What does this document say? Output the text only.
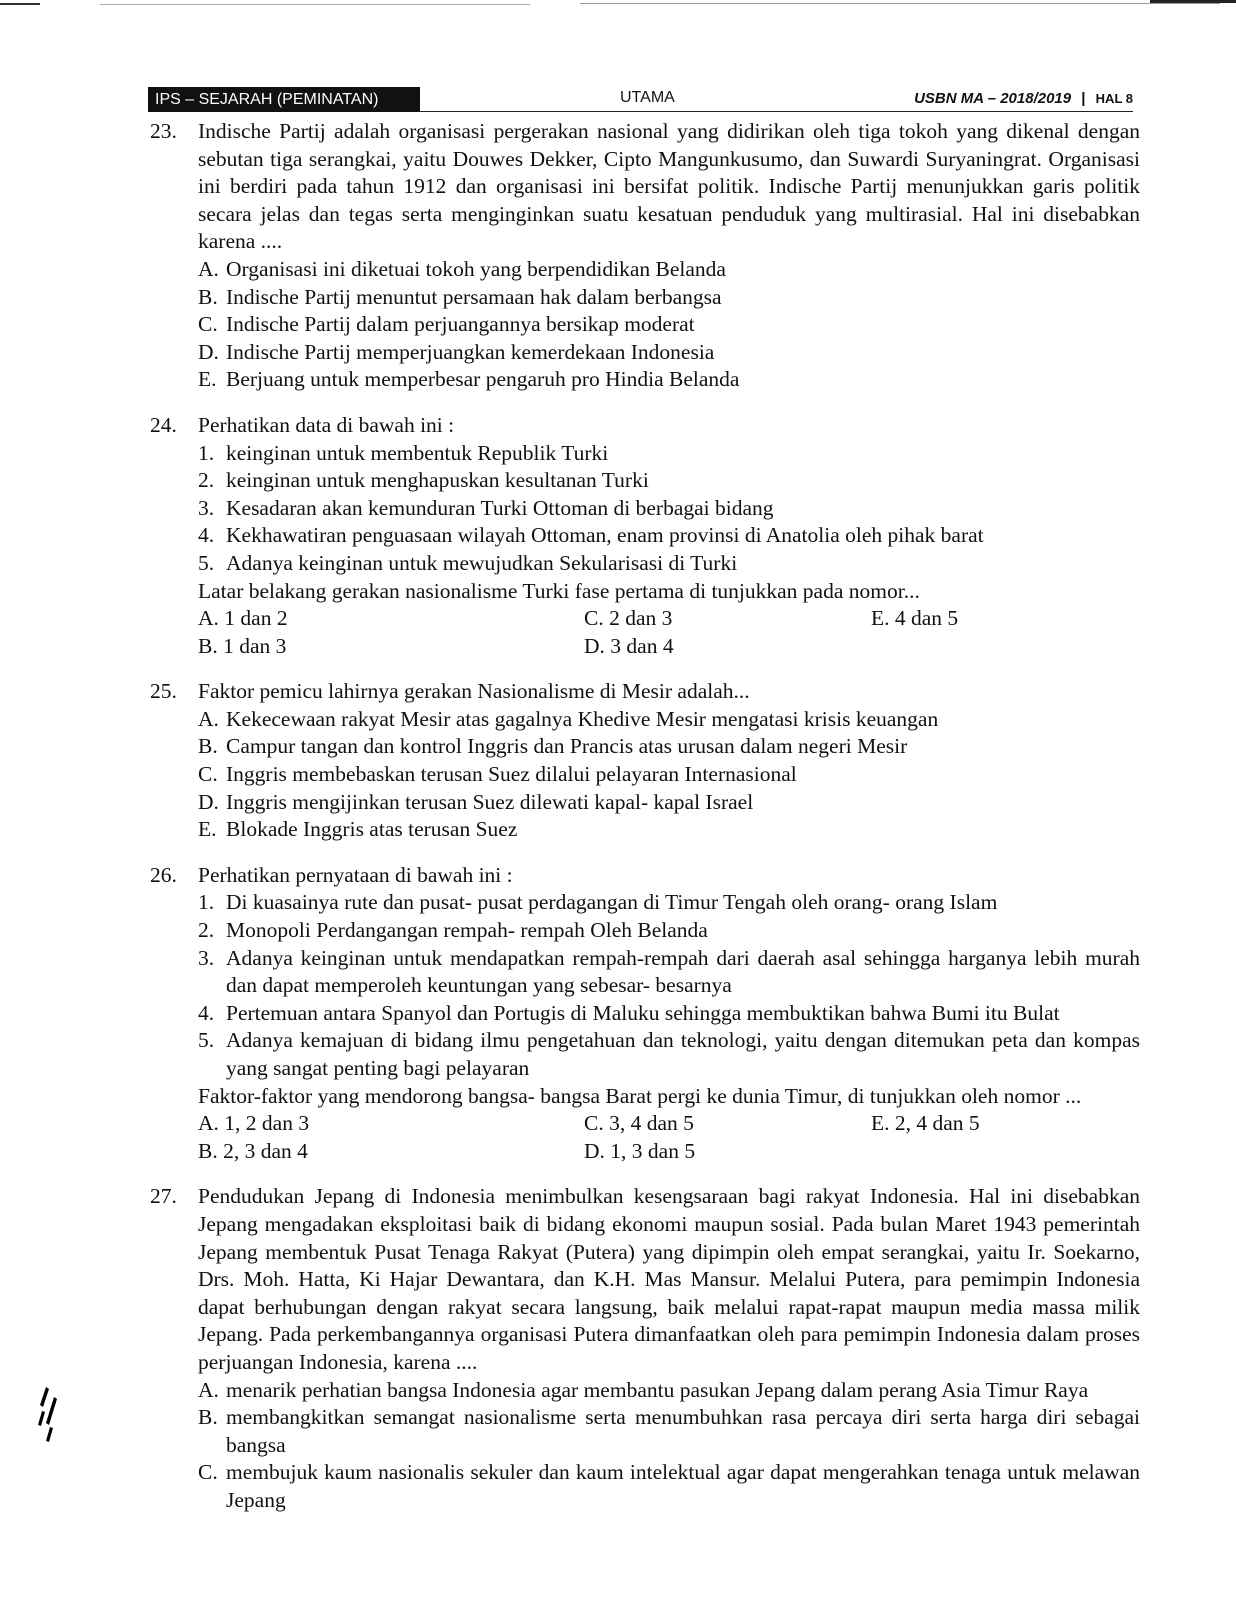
IPS – SEJARAH (PEMINATAN)	UTAMA	USBN MA – 2018/2019 | HAL 8
23. Indische Partij adalah organisasi pergerakan nasional yang didirikan oleh tiga tokoh yang dikenal dengan sebutan tiga serangkai, yaitu Douwes Dekker, Cipto Mangunkusumo, dan Suwardi Suryaningrat. Organisasi ini berdiri pada tahun 1912 dan organisasi ini bersifat politik. Indische Partij menunjukkan garis politik secara jelas dan tegas serta menginginkan suatu kesatuan penduduk yang multirasial. Hal ini disebabkan karena ....
A. Organisasi ini diketuai tokoh yang berpendidikan Belanda
B. Indische Partij menuntut persamaan hak dalam berbangsa
C. Indische Partij dalam perjuangannya bersikap moderat
D. Indische Partij memperjuangkan kemerdekaan Indonesia
E. Berjuang untuk memperbesar pengaruh pro Hindia Belanda
24. Perhatikan data di bawah ini :
1. keinginan untuk membentuk Republik Turki
2. keinginan untuk menghapuskan kesultanan Turki
3. Kesadaran akan kemunduran Turki Ottoman di berbagai bidang
4. Kekhawatiran penguasaan wilayah Ottoman, enam provinsi di Anatolia oleh pihak barat
5. Adanya keinginan untuk mewujudkan Sekularisasi di Turki
Latar belakang gerakan nasionalisme Turki fase pertama di tunjukkan pada nomor...
A. 1 dan 2	C. 2 dan 3	E. 4 dan 5
B. 1 dan 3	D. 3 dan 4
25. Faktor pemicu lahirnya gerakan Nasionalisme di Mesir adalah...
A. Kekecewaan rakyat Mesir atas gagalnya Khedive Mesir mengatasi krisis keuangan
B. Campur tangan dan kontrol Inggris dan Prancis atas urusan dalam negeri Mesir
C. Inggris membebaskan terusan Suez dilalui pelayaran Internasional
D. Inggris mengijinkan terusan Suez dilewati kapal- kapal Israel
E. Blokade Inggris atas terusan Suez
26. Perhatikan pernyataan di bawah ini :
1. Di kuasainya rute dan pusat- pusat perdagangan di Timur Tengah oleh orang- orang Islam
2. Monopoli Perdangangan rempah- rempah Oleh Belanda
3. Adanya keinginan untuk mendapatkan rempah-rempah dari daerah asal sehingga harganya lebih murah dan dapat memperoleh keuntungan yang sebesar- besarnya
4. Pertemuan antara Spanyol dan Portugis di Maluku sehingga membuktikan bahwa Bumi itu Bulat
5. Adanya kemajuan di bidang ilmu pengetahuan dan teknologi, yaitu dengan ditemukan peta dan kompas yang sangat penting bagi pelayaran
Faktor-faktor yang mendorong bangsa- bangsa Barat pergi ke dunia Timur, di tunjukkan oleh nomor ...
A. 1, 2 dan 3	C. 3, 4 dan 5	E. 2, 4 dan 5
B. 2, 3 dan 4	D. 1, 3 dan 5
27. Pendudukan Jepang di Indonesia menimbulkan kesengsaraan bagi rakyat Indonesia. Hal ini disebabkan Jepang mengadakan eksploitasi baik di bidang ekonomi maupun sosial. Pada bulan Maret 1943 pemerintah Jepang membentuk Pusat Tenaga Rakyat (Putera) yang dipimpin oleh empat serangkai, yaitu Ir. Soekarno, Drs. Moh. Hatta, Ki Hajar Dewantara, dan K.H. Mas Mansur. Melalui Putera, para pemimpin Indonesia dapat berhubungan dengan rakyat secara langsung, baik melalui rapat-rapat maupun media massa milik Jepang. Pada perkembangannya organisasi Putera dimanfaatkan oleh para pemimpin Indonesia dalam proses perjuangan Indonesia, karena ....
A. menarik perhatian bangsa Indonesia agar membantu pasukan Jepang dalam perang Asia Timur Raya
B. membangkitkan semangat nasionalisme serta menumbuhkan rasa percaya diri serta harga diri sebagai bangsa
C. membujuk kaum nasionalis sekuler dan kaum intelektual agar dapat mengerahkan tenaga untuk melawan Jepang
